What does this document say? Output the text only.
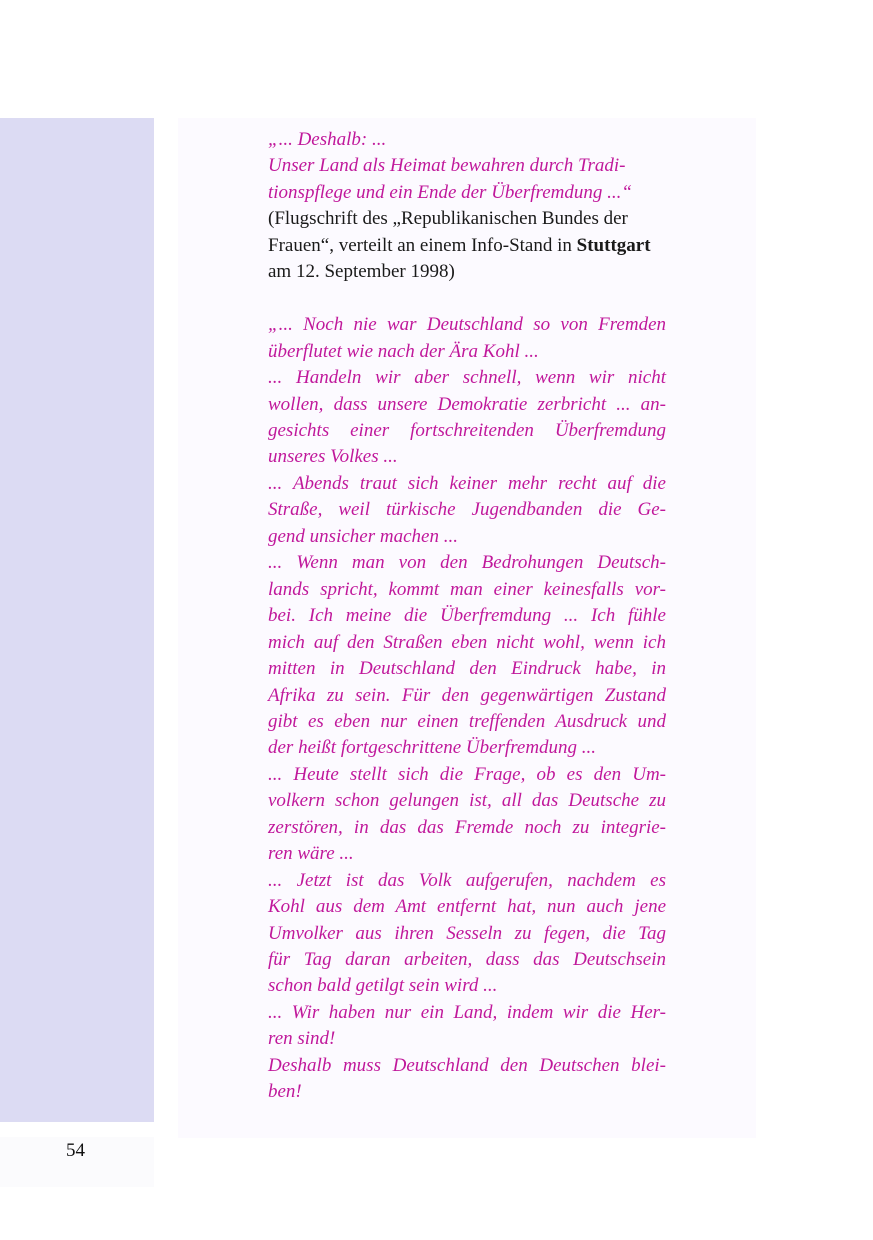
54
„... Deshalb: ...
Unser Land als Heimat bewahren durch Tradi-
tionspflege und ein Ende der Überfremdung ...“
(Flugschrift des „Republikanischen Bundes der
Frauen“, verteilt an einem Info-Stand in Stuttgart
am 12. September 1998)
„... Noch nie war Deutschland so von Fremden
überflutet wie nach der Ära Kohl ...
... Handeln wir aber schnell, wenn wir nicht
wollen, dass unsere Demokratie zerbricht ... an-
gesichts einer fortschreitenden Überfremdung
unseres Volkes ...
... Abends traut sich keiner mehr recht auf die
Straße, weil türkische Jugendbanden die Ge-
gend unsicher machen ...
... Wenn man von den Bedrohungen Deutsch-
lands spricht, kommt man einer keinesfalls vor-
bei. Ich meine die Überfremdung ... Ich fühle
mich auf den Straßen eben nicht wohl, wenn ich
mitten in Deutschland den Eindruck habe, in
Afrika zu sein. Für den gegenwärtigen Zustand
gibt es eben nur einen treffenden Ausdruck und
der heißt fortgeschrittene Überfremdung ...
... Heute stellt sich die Frage, ob es den Um-
volkern schon gelungen ist, all das Deutsche zu
zerstören, in das das Fremde noch zu integrie-
ren wäre ...
... Jetzt ist das Volk aufgerufen, nachdem es
Kohl aus dem Amt entfernt hat, nun auch jene
Umvolker aus ihren Sesseln zu fegen, die Tag
für Tag daran arbeiten, dass das Deutschsein
schon bald getilgt sein wird ...
... Wir haben nur ein Land, indem wir die Her-
ren sind!
Deshalb muss Deutschland den Deutschen blei-
ben!
